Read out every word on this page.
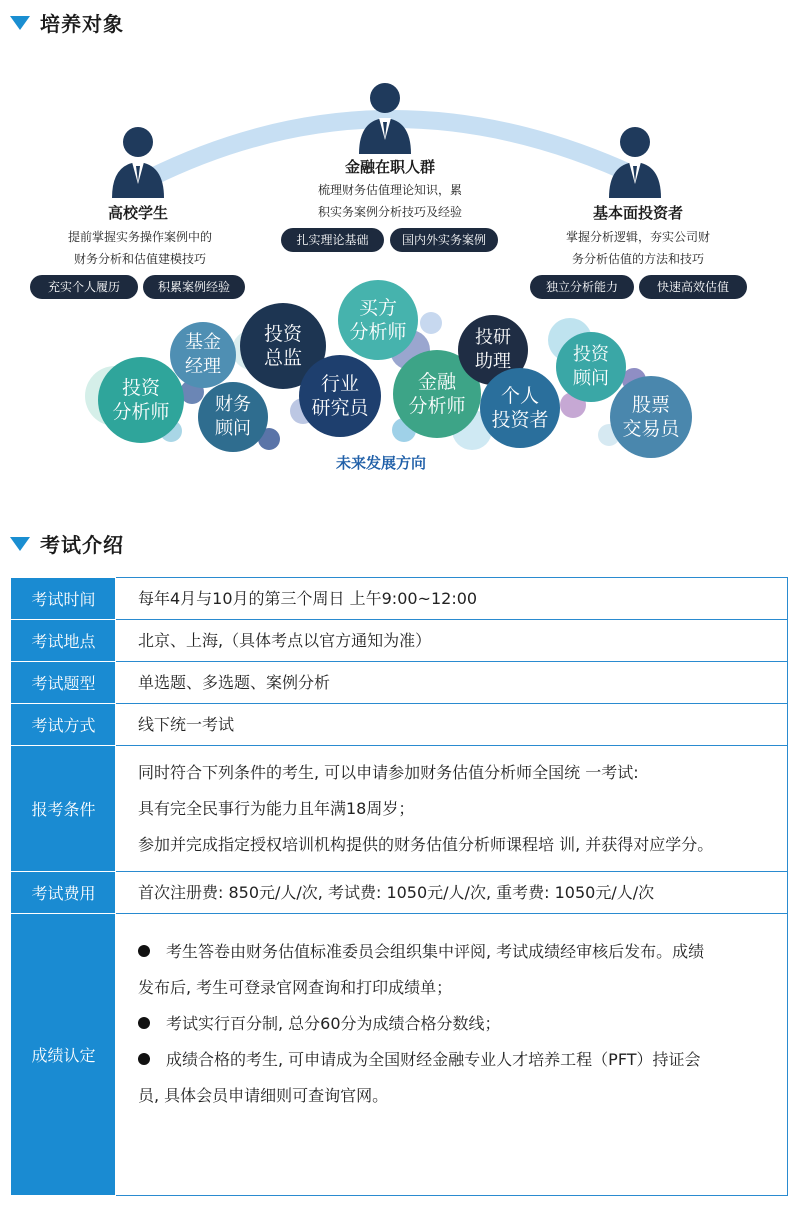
培养对象
高校学生
提前掌握实务操作案例中的
财务分析和估值建模技巧
充实个人履历	积累案例经验
金融在职人群
梳理财务估值理论知识，累
积实务案例分析技巧及经验
扎实理论基础	国内外实务案例
基本面投资者
掌握分析逻辑，夯实公司财
务分析估值的方法和技巧
独立分析能力	快速高效估值
投资
分析师
基金
经理
财务
顾问
投资
总监
行业
研究员
买方
分析师
金融
分析师
投研
助理
个人
投资者
投资
顾问
股票
交易员
未来发展方向
考试介绍
考试时间	每年4月与10月的第三个周日 上午9:00~12:00
考试地点	北京、上海,（具体考点以官方通知为准）
考试题型	单选题、多选题、案例分析
考试方式	线下统一考试
报考条件	同时符合下列条件的考生, 可以申请参加财务估值分析师全国统 一考试:
具有完全民事行为能力且年满18周岁；
参加并完成指定授权培训机构提供的财务估值分析师课程培 训, 并获得对应学分。

考试费用	首次注册费: 850元/人/次, 考试费: 1050元/人/次, 重考费: 1050元/人/次
成绩认定	考生答卷由财务估值标准委员会组织集中评阅, 考试成绩经审核后发布。成绩
发布后, 考生可登录官网查询和打印成绩单；
考试实行百分制, 总分60分为成绩合格分数线；
成绩合格的考生, 可申请成为全国财经金融专业人才培养工程（PFT）持证会
员, 具体会员申请细则可查询官网。
